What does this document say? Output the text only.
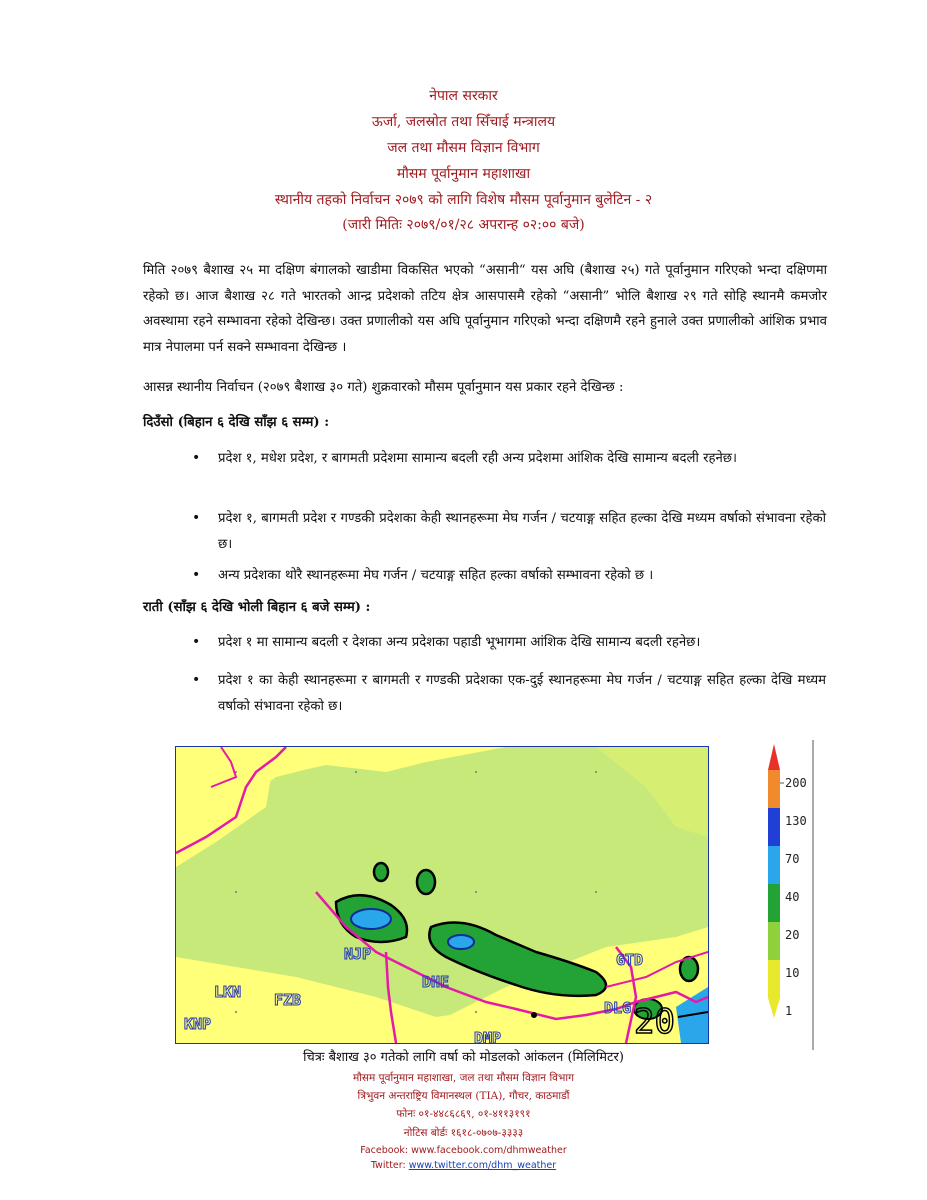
नेपाल सरकार
ऊर्जा, जलस्रोत तथा सिँचाई मन्त्रालय
जल तथा मौसम विज्ञान विभाग
मौसम पूर्वानुमान महाशाखा
स्थानीय तहको निर्वाचन २०७९ को लागि विशेष मौसम पूर्वानुमान बुलेटिन - २
(जारी मितिः २०७९/०१/२८ अपरान्ह ०२:०० बजे)
मिति २०७९ बैशाख २५ मा दक्षिण बंगालको खाडीमा विकसित भएको “असानी“ यस अघि (बैशाख २५) गते पूर्वानुमान गरिएको भन्दा दक्षिणमा रहेको छ। आज बैशाख २८ गते भारतको आन्द्र प्रदेशको तटिय क्षेत्र आसपासमै रहेको “असानी” भोलि बैशाख २९ गते सोहि स्थानमै कमजोर अवस्थामा रहने सम्भावना रहेको देखिन्छ। उक्त प्रणालीको यस अघि पूर्वानुमान गरिएको भन्दा दक्षिणमै रहने हुनाले उक्त प्रणालीको आंशिक प्रभाव मात्र नेपालमा पर्न सक्ने सम्भावना देखिन्छ ।
आसन्न स्थानीय निर्वाचन (२०७९ बैशाख ३० गते) शुक्रवारको मौसम पूर्वानुमान यस प्रकार रहने देखिन्छ :
दिउँसो (बिहान ६ देखि साँझ ६ सम्म) :
• प्रदेश १, मधेश प्रदेश, र बागमती प्रदेशमा सामान्य बदली रही अन्य प्रदेशमा आंशिक देखि सामान्य बदली रहनेछ।
• प्रदेश १, बागमती प्रदेश र गण्डकी प्रदेशका केही स्थानहरूमा मेघ गर्जन / चटयाङ्ग सहित हल्का देखि मध्यम वर्षाको संभावना रहेको छ।
• अन्य प्रदेशका थोरै स्थानहरूमा मेघ गर्जन / चटयाङ्ग सहित हल्का वर्षाको सम्भावना रहेको छ ।
राती (साँझ ६ देखि भोली बिहान ६ बजे सम्म) :
• प्रदेश १ मा सामान्य बदली र देशका अन्य प्रदेशका पहाडी भूभागमा आंशिक देखि सामान्य बदली रहनेछ।
• प्रदेश १ का केही स्थानहरूमा र बागमती र गण्डकी प्रदेशका एक-दुई स्थानहरूमा मेघ गर्जन / चटयाङ्ग सहित हल्का देखि मध्यम वर्षाको संभावना रहेको छ।
NJP
DHE
GTD
LKN FZB
KNP
DLG
DMP	20
200
130
70
40
20
10
1
चित्रः बैशाख ३० गतेको लागि वर्षा को मोडलको आंकलन (मिलिमिटर)
मौसम पूर्वानुमान महाशाखा, जल तथा मौसम विज्ञान विभाग
त्रिभुवन अन्तराष्ट्रिय विमानस्थल (TIA), गौचर, काठमाडौं
फोनः ०१-४४८६८६९, ०१-४११३१९१
नोटिस बोर्डः १६१८-०७०७-३३३३
Facebook: www.facebook.com/dhmweather
Twitter: www.twitter.com/dhm_weather
